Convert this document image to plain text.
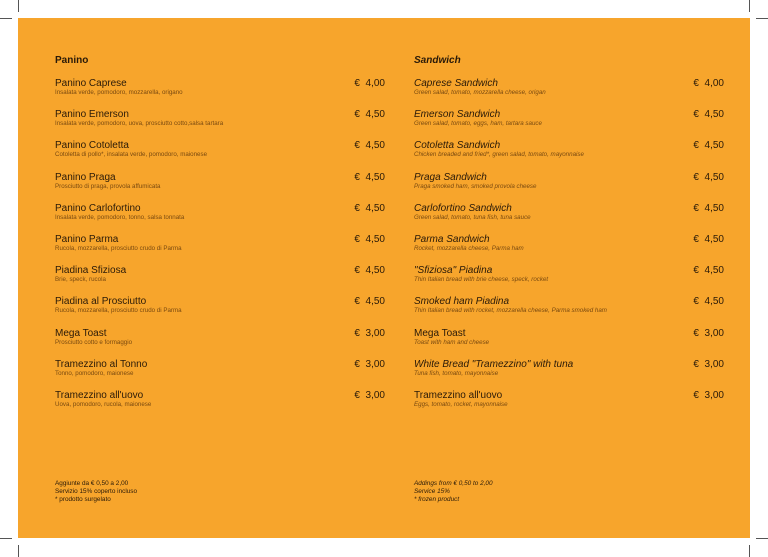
Panino
Panino Caprese
Insalata verde, pomodoro, mozzarella, origano
€  4,00
Panino Emerson
Insalata verde, pomodoro, uova, prosciutto cotto,salsa tartara
€  4,50
Panino Cotoletta
Cotoletta di pollo*, insalata verde, pomodoro, maionese
€  4,50
Panino Praga
Prosciutto di praga, provola affumicata
€  4,50
Panino Carlofortino
Insalata verde, pomodoro, tonno, salsa tonnata
€  4,50
Panino Parma
Rucola, mozzarella, prosciutto crudo di Parma
€  4,50
Piadina Sfiziosa
Brie, speck, rucola
€  4,50
Piadina al Prosciutto
Rucola, mozzarella, prosciutto crudo di Parma
€  4,50
Mega Toast
Prosciutto cotto e formaggio
€  3,00
Tramezzino al Tonno
Tonno, pomodoro, maionese
€  3,00
Tramezzino all'uovo
Uova, pomodoro, rucola, maionese
€  3,00
Aggiunte da € 0,50 a 2,00
Servizio 15% coperto incluso
* prodotto surgelato
Sandwich
Caprese Sandwich
Green salad, tomato, mozzarella cheese, origan
€  4,00
Emerson Sandwich
Green salad, tomato, eggs, ham, tartara sauce
€  4,50
Cotoletta Sandwich
Chicken breaded and fried*, green salad, tomato, mayonnaise
€  4,50
Praga Sandwich
Praga smoked ham, smoked provola cheese
€  4,50
Carlofortino Sandwich
Green salad, tomato, tuna fish, tuna sauce
€  4,50
Parma Sandwich
Rocket, mozzarella cheese, Parma ham
€  4,50
"Sfiziosa" Piadina
Thin Italian bread with brie cheese, speck, rocket
€  4,50
Smoked ham Piadina
Thin Italian bread with rocket, mozzarella cheese, Parma smoked ham
€  4,50
Mega Toast
Toast with ham and cheese
€  3,00
White Bread "Tramezzino" with tuna
Tuna fish, tomato, mayonnaise
€  3,00
Tramezzino all'uovo
Eggs, tomato, rocket, mayonnaise
€  3,00
Addings from € 0,50 to 2,00
Service 15%
* frozen product
